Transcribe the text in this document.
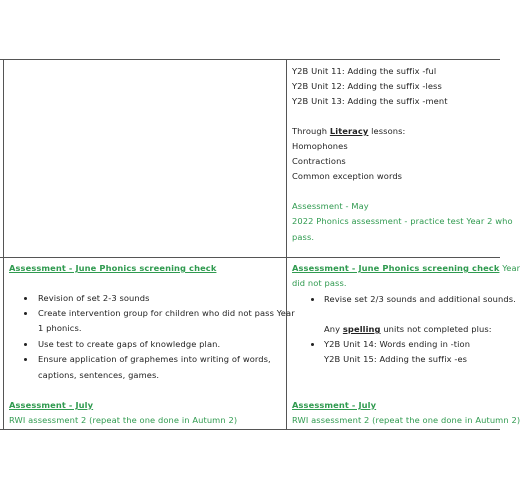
Y2B Unit 11: Adding the suffix -ful
Y2B Unit 12: Adding the suffix -less
Y2B Unit 13: Adding the suffix -ment
Through Literacy lessons:
Homophones
Contractions
Common exception words
Assessment - May
2022 Phonics assessment - practice test Year 2 who
pass.
Assessment - June Phonics screening check
Revision of set 2-3 sounds
Create intervention group for children who did not pass Year
1 phonics.
Use test to create gaps of knowledge plan.
Ensure application of graphemes into writing of words,
captions, sentences, games.
Assessment - July
RWI assessment 2 (repeat the one done in Autumn 2)
Assessment - June Phonics screening check Year
did not pass.
Revise set 2/3 sounds and additional sounds.
Any spelling units not completed plus:
Y2B Unit 14: Words ending in -tion
Y2B Unit 15: Adding the suffix -es
Assessment - July
RWI assessment 2 (repeat the one done in Autumn 2)
